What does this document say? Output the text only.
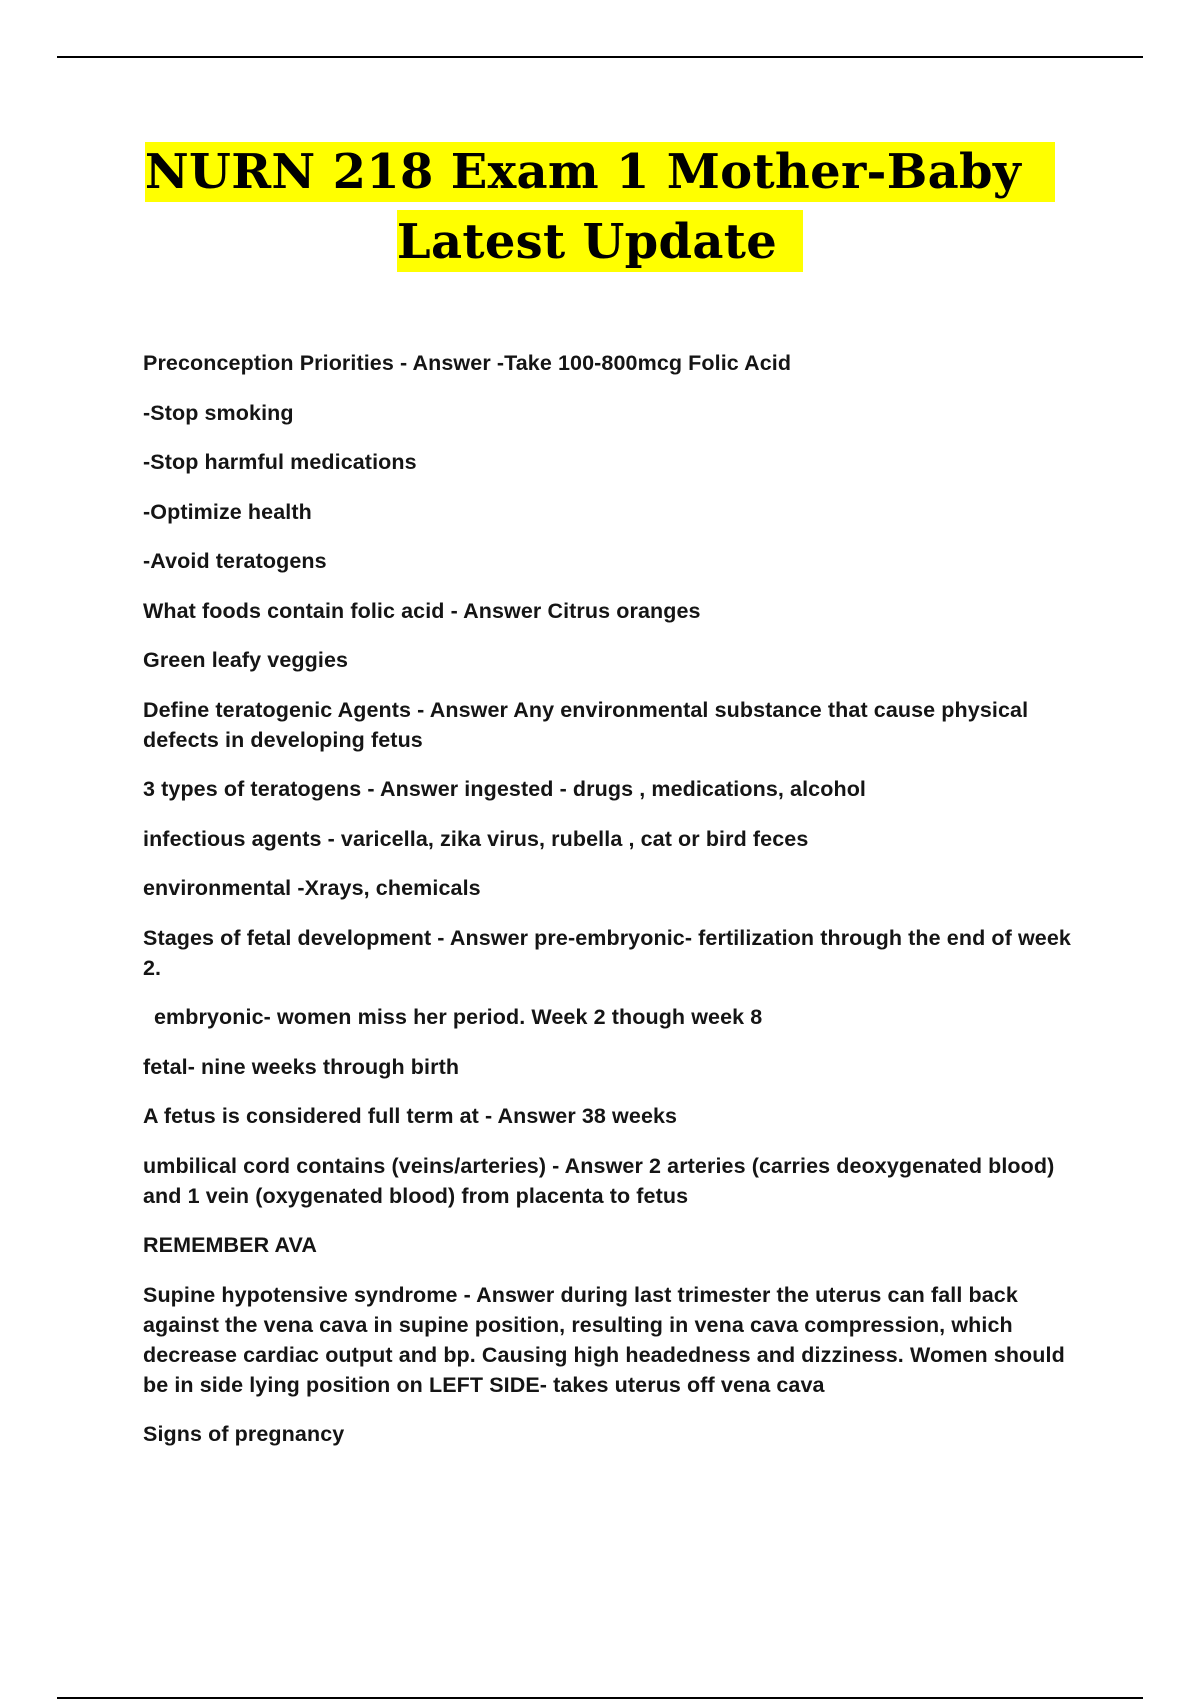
NURN 218 Exam 1 Mother-Baby
Latest Update

Preconception Priorities - Answer -Take 100-800mcg Folic Acid

-Stop smoking

-Stop harmful medications

-Optimize health

-Avoid teratogens

What foods contain folic acid - Answer Citrus oranges

Green leafy veggies

Define teratogenic Agents - Answer Any environmental substance that cause physical defects in developing fetus

3 types of teratogens - Answer ingested - drugs , medications, alcohol

infectious agents - varicella, zika virus, rubella , cat or bird feces

environmental -Xrays, chemicals

Stages of fetal development - Answer pre-embryonic- fertilization through the end of week 2.

embryonic- women miss her period. Week 2 though week 8

fetal- nine weeks through birth

A fetus is considered full term at - Answer 38 weeks

umbilical cord contains (veins/arteries) - Answer 2 arteries (carries deoxygenated blood) and 1 vein (oxygenated blood) from placenta to fetus

REMEMBER AVA

Supine hypotensive syndrome - Answer during last trimester the uterus can fall back against the vena cava in supine position, resulting in vena cava compression, which decrease cardiac output and bp. Causing high headedness and dizziness. Women should be in side lying position on LEFT SIDE- takes uterus off vena cava

Signs of pregnancy
